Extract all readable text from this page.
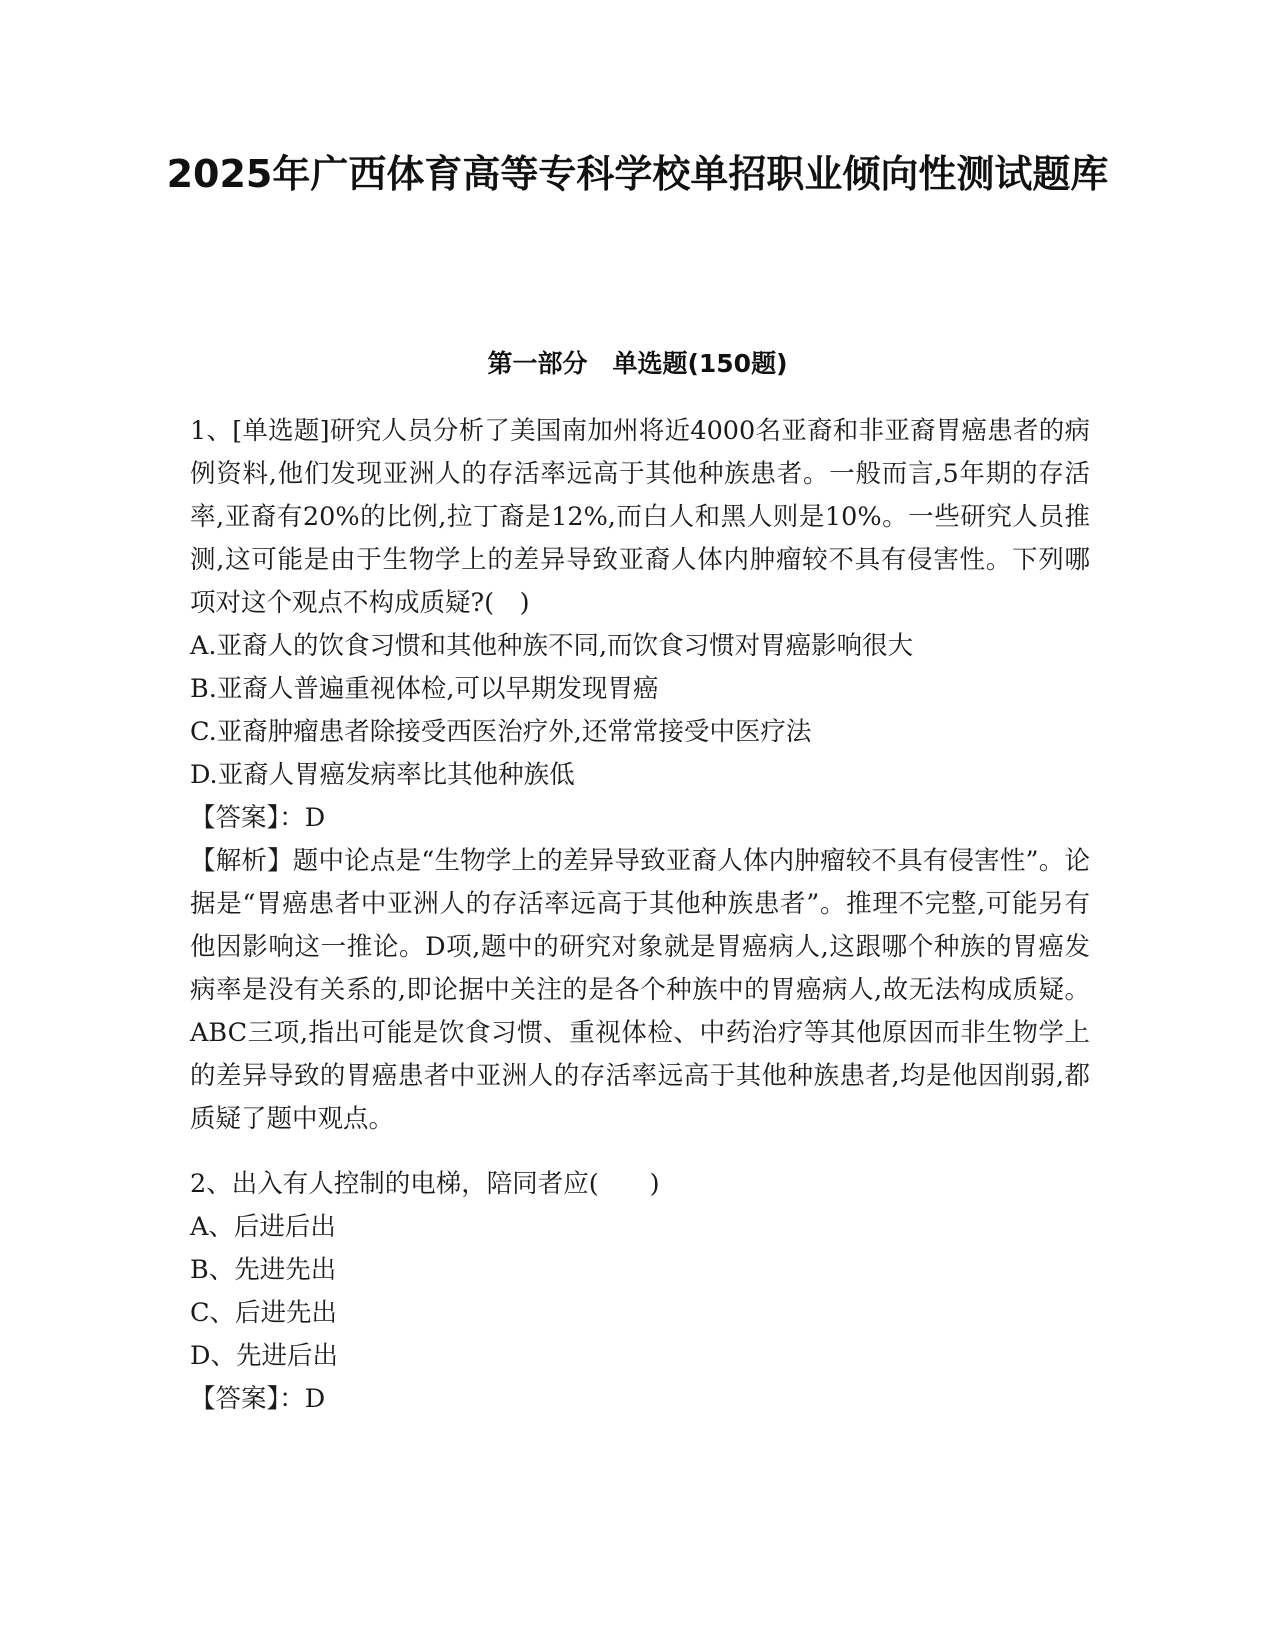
2025年广西体育高等专科学校单招职业倾向性测试题库
第一部分　单选题(150题)

1、[单选题]研究人员分析了美国南加州将近4000名亚裔和非亚裔胃癌患者的病例资料,他们发现亚洲人的存活率远高于其他种族患者。一般而言,5年期的存活率,亚裔有20%的比例,拉丁裔是12%,而白人和黑人则是10%。一些研究人员推测,这可能是由于生物学上的差异导致亚裔人体内肿瘤较不具有侵害性。下列哪项对这个观点不构成质疑?(　)

A.亚裔人的饮食习惯和其他种族不同,而饮食习惯对胃癌影响很大

B.亚裔人普遍重视体检,可以早期发现胃癌

C.亚裔肿瘤患者除接受西医治疗外,还常常接受中医疗法

D.亚裔人胃癌发病率比其他种族低

【答案】：D

【解析】题中论点是“生物学上的差异导致亚裔人体内肿瘤较不具有侵害性”。论据是“胃癌患者中亚洲人的存活率远高于其他种族患者”。推理不完整,可能另有他因影响这一推论。D项,题中的研究对象就是胃癌病人,这跟哪个种族的胃癌发病率是没有关系的,即论据中关注的是各个种族中的胃癌病人,故无法构成质疑。ABC三项,指出可能是饮食习惯、重视体检、中药治疗等其他原因而非生物学上的差异导致的胃癌患者中亚洲人的存活率远高于其他种族患者,均是他因削弱,都质疑了题中观点。

2、出入有人控制的电梯，陪同者应(　　)

A、后进后出

B、先进先出

C、后进先出

D、先进后出

【答案】：D
